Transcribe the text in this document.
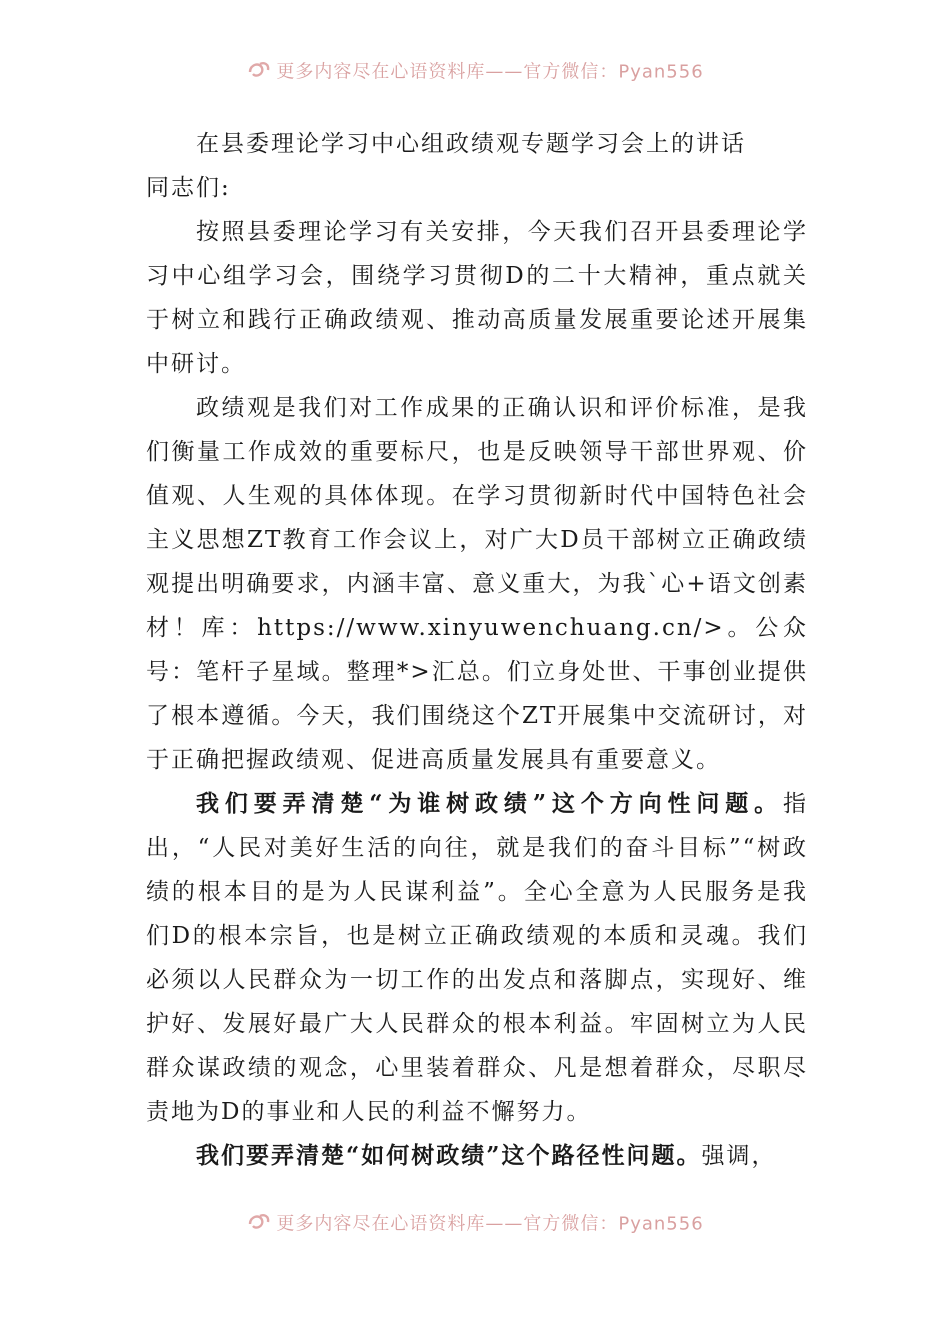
更多内容尽在心语资料库——官方微信：Pyan556

在县委理论学习中心组政绩观专题学习会上的讲话

同志们:

按照县委理论学习有关安排，今天我们召开县委理论学习中心组学习会，围绕学习贯彻D的二十大精神，重点就关于树立和践行正确政绩观、推动高质量发展重要论述开展集中研讨。

政绩观是我们对工作成果的正确认识和评价标准，是我们衡量工作成效的重要标尺，也是反映领导干部世界观、价值观、人生观的具体体现。在学习贯彻新时代中国特色社会主义思想ZT教育工作会议上，对广大D员干部树立正确政绩观提出明确要求，内涵丰富、意义重大，为我`心+语文创素材！库：https://www.xinyuwenchuang.cn/>。公众号：笔杆子星域。整理*>汇总。们立身处世、干事创业提供了根本遵循。今天，我们围绕这个ZT开展集中交流研讨，对于正确把握政绩观、促进高质量发展具有重要意义。

我们要弄清楚“为谁树政绩”这个方向性问题。指出，“人民对美好生活的向往，就是我们的奋斗目标”“树政绩的根本目的是为人民谋利益”。全心全意为人民服务是我们D的根本宗旨，也是树立正确政绩观的本质和灵魂。我们必须以人民群众为一切工作的出发点和落脚点，实现好、维护好、发展好最广大人民群众的根本利益。牢固树立为人民群众谋政绩的观念，心里装着群众、凡是想着群众，尽职尽责地为D的事业和人民的利益不懈努力。

我们要弄清楚“如何树政绩”这个路径性问题。强调，

更多内容尽在心语资料库——官方微信：Pyan556
